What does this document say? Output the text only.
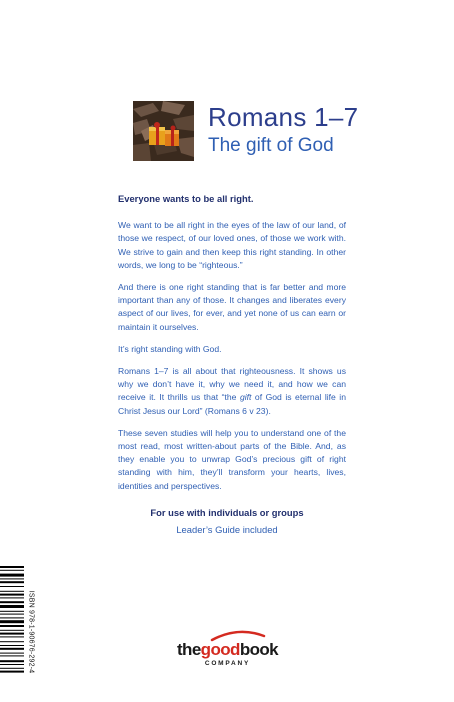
Romans 1–7
The gift of God

Everyone wants to be all right.

We want to be all right in the eyes of the law of our land, of those we respect, of our loved ones, of those we work with. We strive to gain and then keep this right standing. In other words, we long to be “righteous.”

And there is one right standing that is far better and more important than any of those. It changes and liberates every aspect of our lives, for ever, and yet none of us can earn or maintain it ourselves.

It’s right standing with God.

Romans 1–7 is all about that righteousness. It shows us why we don’t have it, why we need it, and how we can receive it. It thrills us that “the gift of God is eternal life in Christ Jesus our Lord” (Romans 6 v 23).

These seven studies will help you to understand one of the most read, most written-about parts of the Bible. And, as they enable you to unwrap God’s precious gift of right standing with him, they’ll transform your hearts, lives, identities and perspectives.

For use with individuals or groups
Leader’s Guide included
ISBN 978-1-90676-292-4	thegoodbook
COMPANY
